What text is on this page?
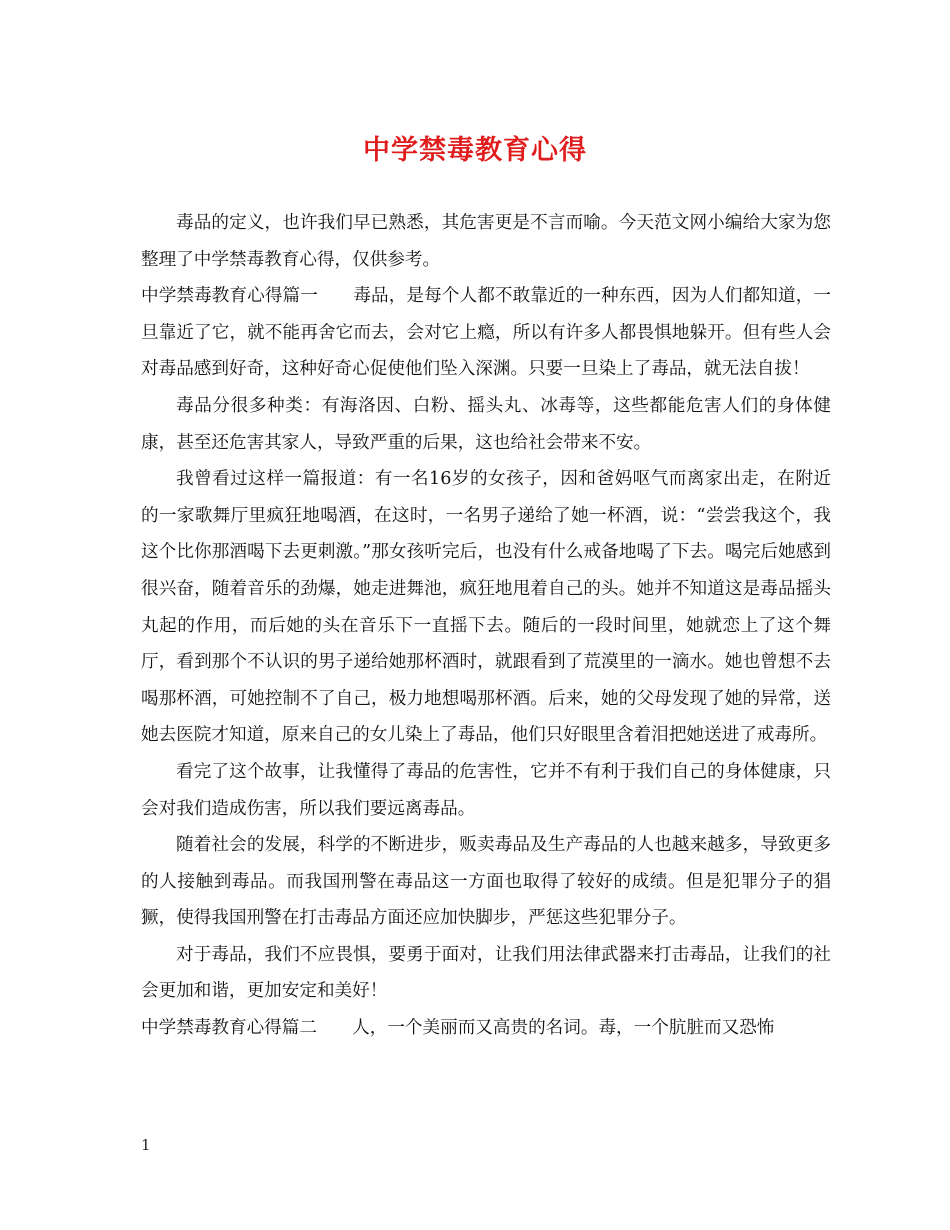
中学禁毒教育心得

毒品的定义，也许我们早已熟悉，其危害更是不言而喻。今天范文网小编给大家为您整理了中学禁毒教育心得，仅供参考。

中学禁毒教育心得篇一　　毒品，是每个人都不敢靠近的一种东西，因为人们都知道，一旦靠近了它，就不能再舍它而去，会对它上瘾，所以有许多人都畏惧地躲开。但有些人会对毒品感到好奇，这种好奇心促使他们坠入深渊。只要一旦染上了毒品，就无法自拔！

毒品分很多种类：有海洛因、白粉、摇头丸、冰毒等，这些都能危害人们的身体健康，甚至还危害其家人，导致严重的后果，这也给社会带来不安。

我曾看过这样一篇报道：有一名16岁的女孩子，因和爸妈呕气而离家出走，在附近的一家歌舞厅里疯狂地喝酒，在这时，一名男子递给了她一杯酒，说：“尝尝我这个，我这个比你那酒喝下去更刺激。”那女孩听完后，也没有什么戒备地喝了下去。喝完后她感到很兴奋，随着音乐的劲爆，她走进舞池，疯狂地甩着自己的头。她并不知道这是毒品摇头丸起的作用，而后她的头在音乐下一直摇下去。随后的一段时间里，她就恋上了这个舞厅，看到那个不认识的男子递给她那杯酒时，就跟看到了荒漠里的一滴水。她也曾想不去喝那杯酒，可她控制不了自己，极力地想喝那杯酒。后来，她的父母发现了她的异常，送她去医院才知道，原来自己的女儿染上了毒品，他们只好眼里含着泪把她送进了戒毒所。

看完了这个故事，让我懂得了毒品的危害性，它并不有利于我们自己的身体健康，只会对我们造成伤害，所以我们要远离毒品。

随着社会的发展，科学的不断进步，贩卖毒品及生产毒品的人也越来越多，导致更多的人接触到毒品。而我国刑警在毒品这一方面也取得了较好的成绩。但是犯罪分子的猖獗，使得我国刑警在打击毒品方面还应加快脚步，严惩这些犯罪分子。

对于毒品，我们不应畏惧，要勇于面对，让我们用法律武器来打击毒品，让我们的社会更加和谐，更加安定和美好！

中学禁毒教育心得篇二　　人，一个美丽而又高贵的名词。毒，一个肮脏而又恐怖

1
